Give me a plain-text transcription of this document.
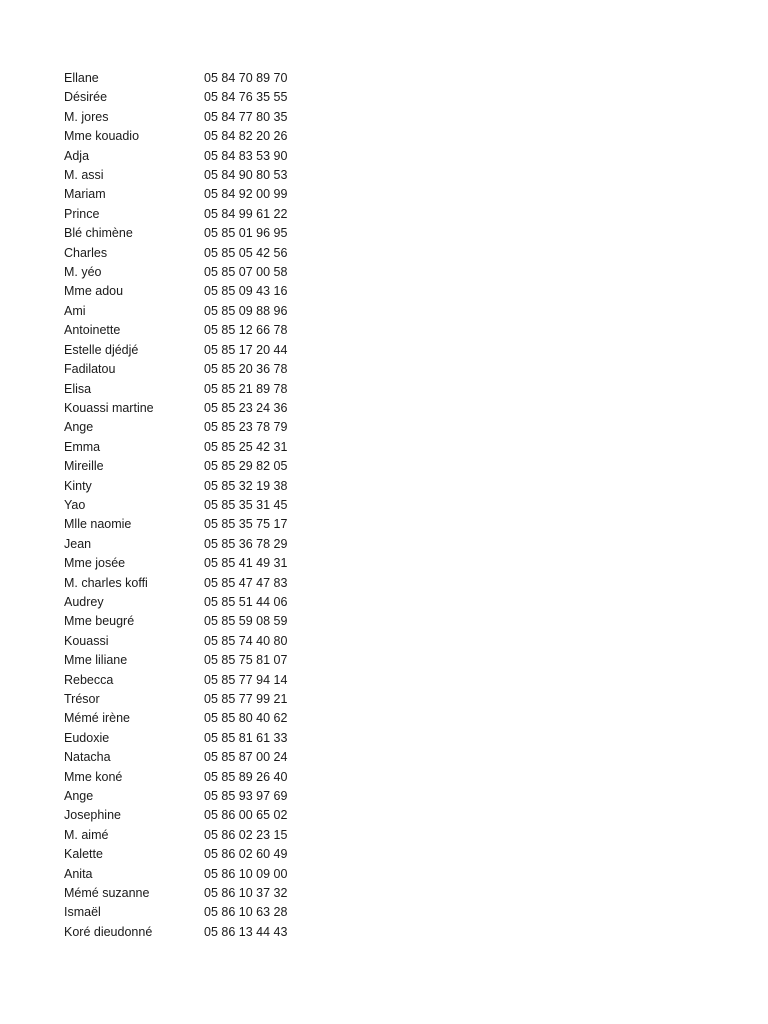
Ellane	05 84 70 89 70
Désirée	05 84 76 35 55
M. jores	05 84 77 80 35
Mme kouadio	05 84 82 20 26
Adja	05 84 83 53 90
M. assi	05 84 90 80 53
Mariam	05 84 92 00 99
Prince	05 84 99 61 22
Blé chimène	05 85 01 96 95
Charles	05 85 05 42 56
M. yéo	05 85 07 00 58
Mme adou	05 85 09 43 16
Ami	05 85 09 88 96
Antoinette	05 85 12 66 78
Estelle djédjé	05 85 17 20 44
Fadilatou	05 85 20 36 78
Elisa	05 85 21 89 78
Kouassi martine	05 85 23 24 36
Ange	05 85 23 78 79
Emma	05 85 25 42 31
Mireille	05 85 29 82 05
Kinty	05 85 32 19 38
Yao	05 85 35 31 45
Mlle naomie	05 85 35 75 17
Jean	05 85 36 78 29
Mme josée	05 85 41 49 31
M. charles koffi	05 85 47 47 83
Audrey	05 85 51 44 06
Mme beugré	05 85 59 08 59
Kouassi	05 85 74 40 80
Mme liliane	05 85 75 81 07
Rebecca	05 85 77 94 14
Trésor	05 85 77 99 21
Mémé irène	05 85 80 40 62
Eudoxie	05 85 81 61 33
Natacha	05 85 87 00 24
Mme koné	05 85 89 26 40
Ange	05 85 93 97 69
Josephine	05 86 00 65 02
M. aimé	05 86 02 23 15
Kalette	05 86 02 60 49
Anita	05 86 10 09 00
Mémé suzanne	05 86 10 37 32
Ismaël	05 86 10 63 28
Koré dieudonné	05 86 13 44 43
